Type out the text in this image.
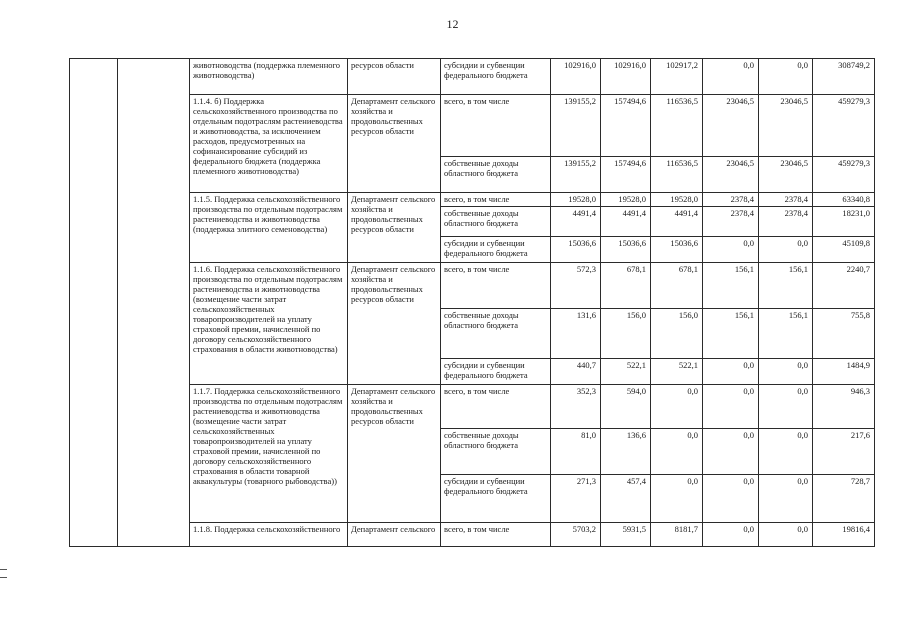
12
		животноводства (поддержка племенного животноводства)	ресурсов области	субсидии и субвенции федерального бюджета	102916,0	102916,0	102917,2	0,0	0,0	308749,2
		1.1.4. б) Поддержка сельскохозяйственного производства по отдельным подотраслям растениеводства и животноводства, за исключением расходов, предусмотренных на софинансирование субсидий из федерального бюджета (поддержка племенного животноводства)	Департамент сельского хозяйства и продовольственных ресурсов области	всего, в том числе	139155,2	157494,6	116536,5	23046,5	23046,5	459279,3
				собственные доходы областного бюджета	139155,2	157494,6	116536,5	23046,5	23046,5	459279,3
		1.1.5. Поддержка сельскохозяйственного производства по отдельным подотраслям растениеводства и животноводства (поддержка элитного семеноводства)	Департамент сельского хозяйства и продовольственных ресурсов области	всего, в том числе	19528,0	19528,0	19528,0	2378,4	2378,4	63340,8
				собственные доходы областного бюджета	4491,4	4491,4	4491,4	2378,4	2378,4	18231,0
				субсидии и субвенции федерального бюджета	15036,6	15036,6	15036,6	0,0	0,0	45109,8
		1.1.6. Поддержка сельскохозяйственного производства по отдельным подотраслям растениеводства и животноводства (возмещение части затрат сельскохозяйственных товаропроизводителей на уплату страховой премии, начисленной по договору сельскохозяйственного страхования в области животноводства)	Департамент сельского хозяйства и продовольственных ресурсов области	всего, в том числе	572,3	678,1	678,1	156,1	156,1	2240,7
				собственные доходы областного бюджета	131,6	156,0	156,0	156,1	156,1	755,8
				субсидии и субвенции федерального бюджета	440,7	522,1	522,1	0,0	0,0	1484,9
		1.1.7. Поддержка сельскохозяйственного производства по отдельным подотраслям растениеводства и животноводства (возмещение части затрат сельскохозяйственных товаропроизводителей на уплату страховой премии, начисленной по договору сельскохозяйственного страхования в области товарной аквакультуры (товарного рыбоводства))	Департамент сельского хозяйства и продовольственных ресурсов области	всего, в том числе	352,3	594,0	0,0	0,0	0,0	946,3
				собственные доходы областного бюджета	81,0	136,6	0,0	0,0	0,0	217,6
				субсидии и субвенции федерального бюджета	271,3	457,4	0,0	0,0	0,0	728,7
		1.1.8. Поддержка сельскохозяйственного	Департамент сельского	всего, в том числе	5703,2	5931,5	8181,7	0,0	0,0	19816,4
